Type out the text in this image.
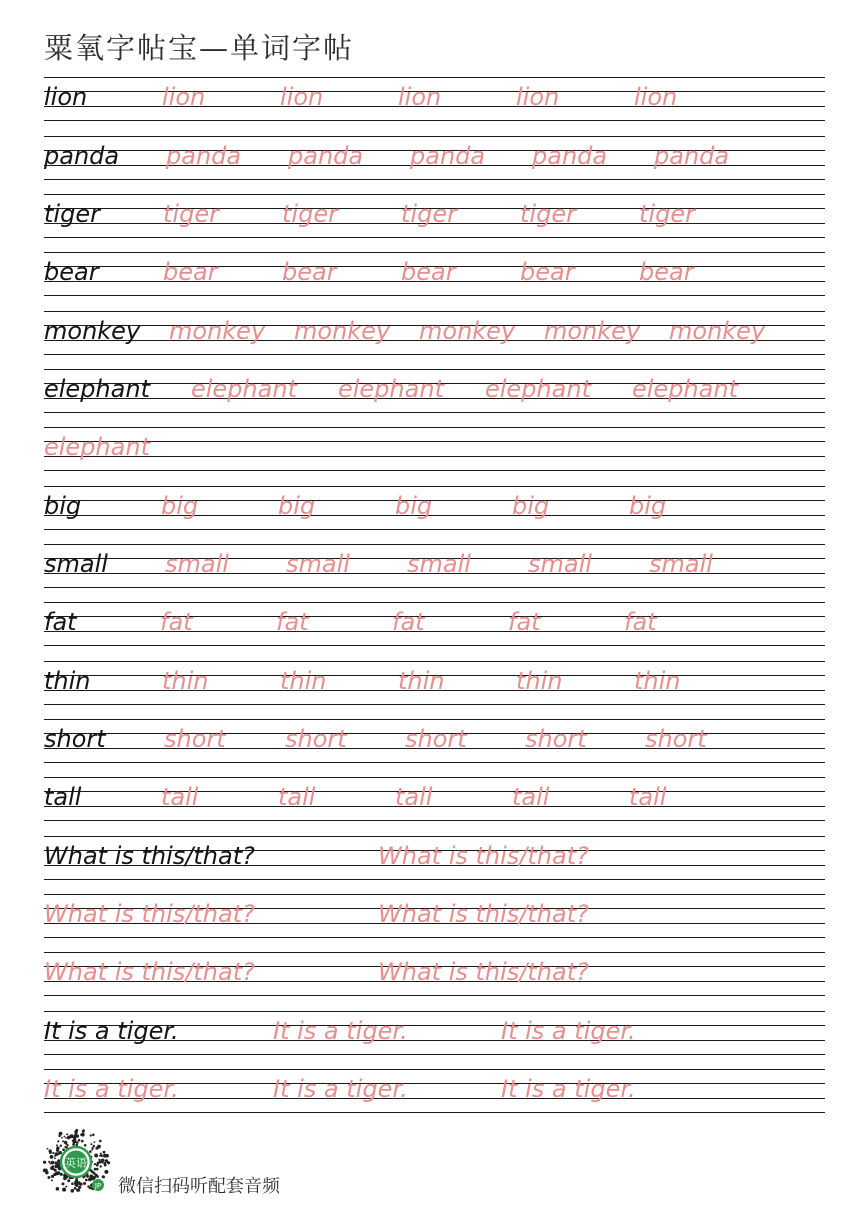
粟氧字帖宝—单词字帖
lion	lion	lion	lion	lion	lion
panda panda panda panda panda panda
tiger	tiger	tiger	tiger	tiger	tiger
bear	bear	bear	bear	bear	bear
monkey monkey monkey monkey monkey monkey
elephant elephant elephant elephant elephant
elephant
big	big	big	big	big	big
small small small small small small
fat	fat	fat	fat	fat	fat
thin	thin	thin	thin	thin	thin
short short short short short short
tall	tall	tall	tall	tall	tall
What is this/that?	What is this/that?
What is this/that?	What is this/that?
What is this/that?	What is this/that?
It is a tiger.	It is a tiger.	It is a tiger.
It is a tiger.	It is a tiger.	It is a tiger.
英语
JP 微信扫码听配套音频
